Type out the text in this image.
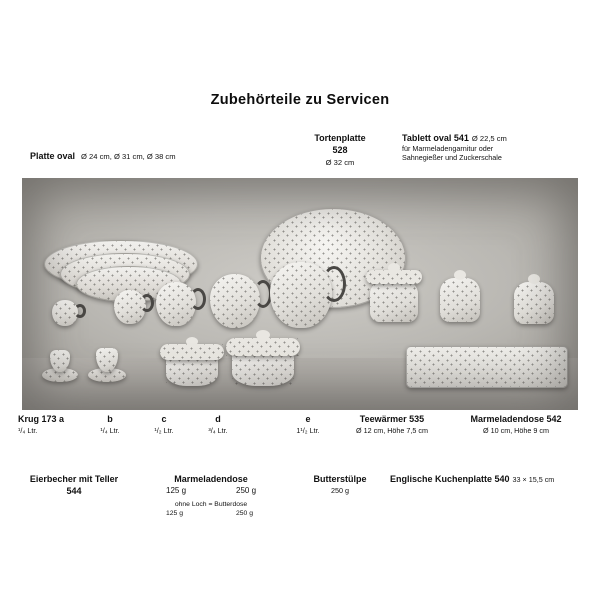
Zubehörteile zu Servicen
Platte oval Ø 24 cm, Ø 31 cm, Ø 38 cm
Tortenplatte
528
Ø 32 cm
Tablett oval 541 Ø 22,5 cm
für Marmeladengarnitur oder
Sahnegießer und Zuckerschale
Krug 173 a
¹/₄ Ltr.
b
¹/₄ Ltr.
c
¹/₂ Ltr.
d
³/₄ Ltr.
e
1¹/₂ Ltr.
Teewärmer 535
Ø 12 cm, Höhe 7,5 cm
Marmeladendose 542
Ø 10 cm, Höhe 9 cm
Eierbecher mit Teller
544
Marmeladendose
125 g	250 g
ohne Loch = Butterdose
125 g	250 g
Butterstülpe
250 g
Englische Kuchenplatte 540 33 × 15,5 cm
